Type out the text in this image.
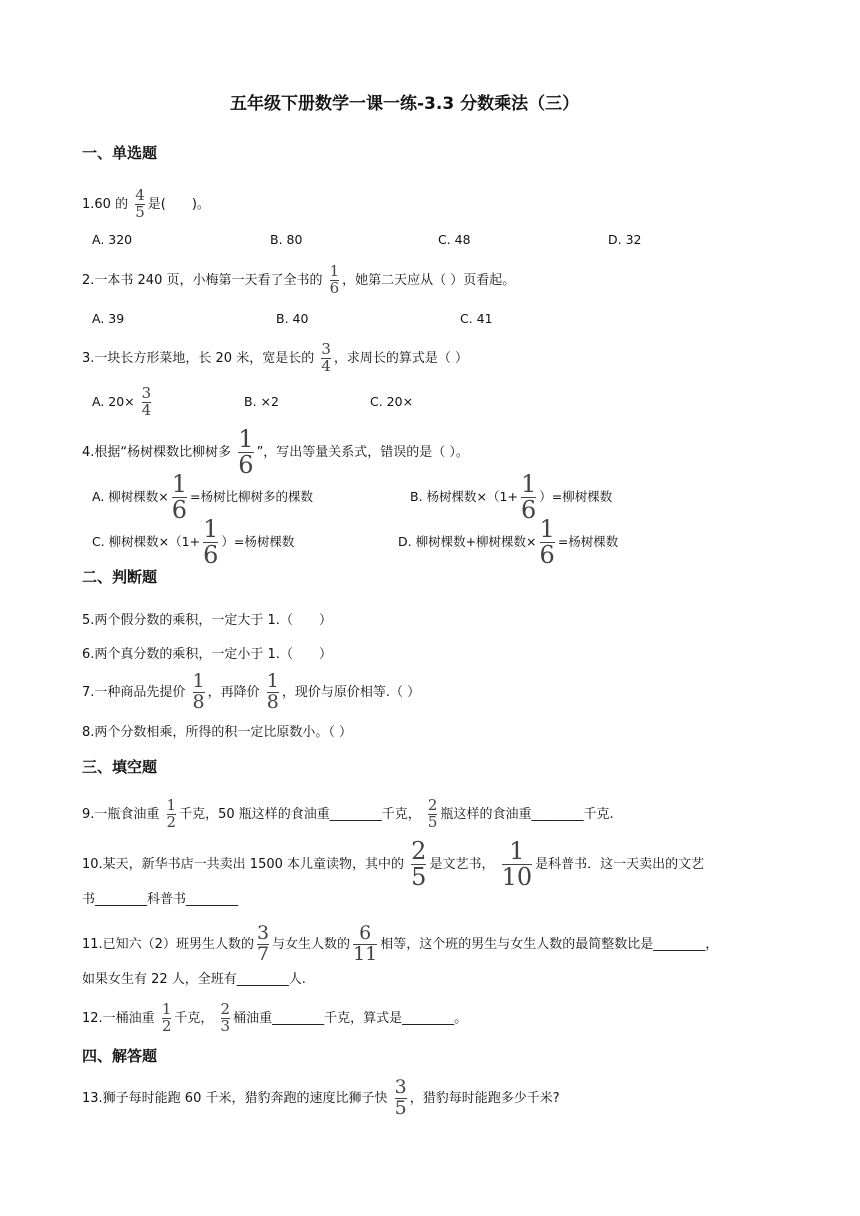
五年级下册数学一课一练-3.3 分数乘法（三）
一、单选题
1.60 的 $\frac{4}{5}$ 是(　　)。
A. 320	B. 80	C. 48	D. 32
2.一本书 240 页，小梅第一天看了全书的 $\frac{1}{6}$ ，她第二天应从（ ）页看起。
A. 39	B. 40	C. 41
3.一块长方形菜地，长 20 米，宽是长的 $\frac{3}{4}$ ，求周长的算式是（ ）
A. $20\times \frac{3}{4}$	B. ×2	C. 20×
4.根据“杨树棵数比柳树多 $\frac{1}{6}$ ”，写出等量关系式，错误的是（ ）。
A. 柳树棵数× $\frac{1}{6}$ =杨树比柳树多的棵数	B. 杨树棵数$\times(1+ \frac{1}{6}$ ）=柳树棵数
C. 柳树棵数$\times(1+ \frac{1}{6}$ ）=杨树棵数	D. 柳树棵数+柳树棵数× $\frac{1}{6}$ =杨树棵数
二、判断题
5.两个假分数的乘积，一定大于 1.（　　）
6.两个真分数的乘积，一定小于 1.（　　）
7.一种商品先提价 $\frac{1}{8}$ ，再降价 $\frac{1}{8}$ ，现价与原价相等.（ ）
8.两个分数相乘，所得的积一定比原数小。（ ）
三、填空题
9.一瓶食油重 $\frac{1}{2}$ 千克，50 瓶这样的食油重________千克， $\frac{2}{5}$ 瓶这样的食油重________千克.
10.某天，新华书店一共卖出 1500 本儿童读物，其中的 $\frac{2}{5}$ 是文艺书， $\frac{1}{10}$ 是科普书．这一天卖出的文艺
书________科普书________
11.已知六（2）班男生人数的 $\frac{3}{7}$ 与女生人数的 $\frac{6}{11}$ 相等，这个班的男生与女生人数的最简整数比是________，
如果女生有 22 人，全班有________人.
12.一桶油重 $\frac{1}{2}$ 千克， $\frac{2}{3}$ 桶油重________千克，算式是________。
四、解答题
13.狮子每时能跑 60 千米，猎豹奔跑的速度比狮子快 $\frac{3}{5}$ ，猎豹每时能跑多少千米?
